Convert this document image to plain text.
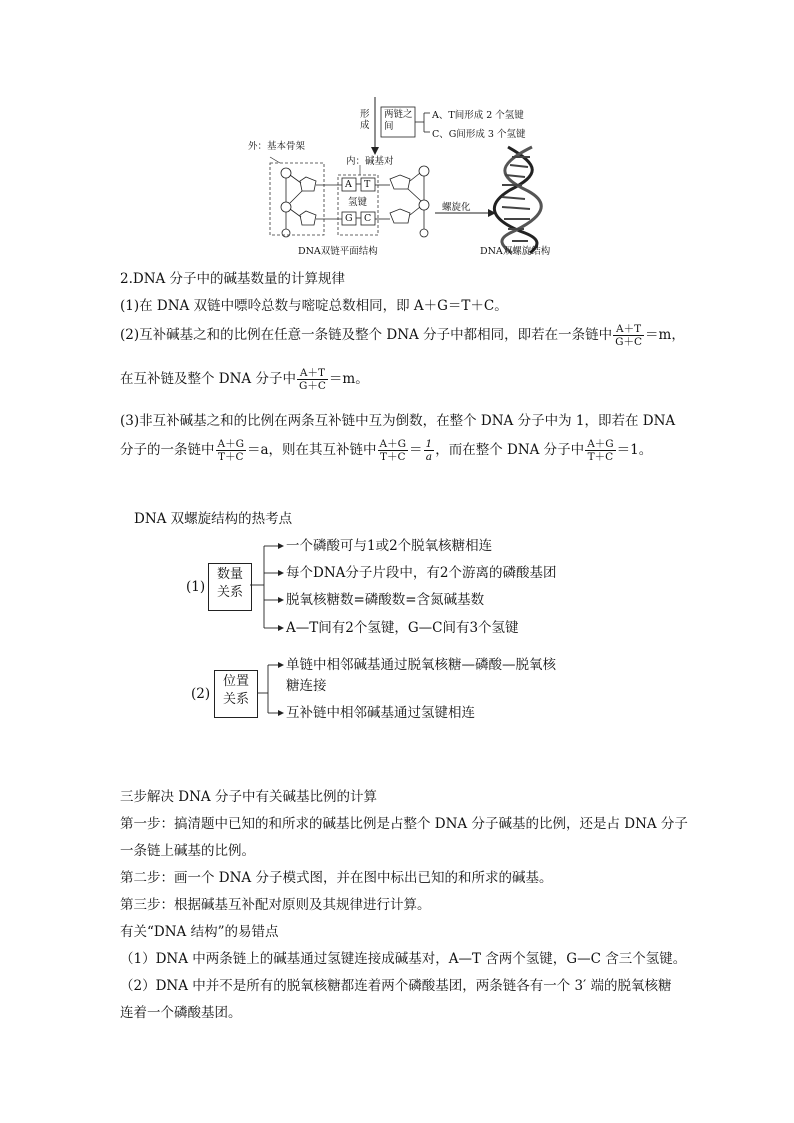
形成
两链之间
A、T间形成 2 个氢键
C、G间形成 3 个氢键
外：基本骨架
内：碱基对
氢键
A T
G C
螺旋化
DNA双链平面结构	DNA双螺旋结构
2.DNA 分子中的碱基数量的计算规律
(1)在 DNA 双链中嘌呤总数与嘧啶总数相同，即 A＋G＝T＋C。
(2)互补碱基之和的比例在任意一条链及整个 DNA 分子中都相同，即若在一条链中 $\frac{A+T}{G+C} =m$，
在互补链及整个 DNA 分子中 $\frac{A+T}{G+C} =m$。
(3)非互补碱基之和的比例在两条互补链中互为倒数，在整个 DNA 分子中为 1，即若在 DNA
分子的一条链中 $\frac{A+G}{T+C} =a$，则在其互补链中 $\frac{A+G}{T+C} = \frac{1}{a}$ ，而在整个 DNA 分子中 $\frac{A+G}{T+C} =1$。
DNA 双螺旋结构的热考点
(1)
数量
关系
一个磷酸可与1或2个脱氧核糖相连
每个DNA分子片段中，有2个游离的磷酸基团
脱氧核糖数=磷酸数=含氮碱基数
A—T间有2个氢键，G—C间有3个氢键
(2)
位置
关系
单链中相邻碱基通过脱氧核糖—磷酸—脱氧核
糖连接
互补链中相邻碱基通过氢键相连
三步解决 DNA 分子中有关碱基比例的计算
第一步：搞清题中已知的和所求的碱基比例是占整个 DNA 分子碱基的比例，还是占 DNA 分子
一条链上碱基的比例。
第二步：画一个 DNA 分子模式图，并在图中标出已知的和所求的碱基。
第三步：根据碱基互补配对原则及其规律进行计算。
有关“DNA 结构”的易错点
（1）DNA 中两条链上的碱基通过氢键连接成碱基对，A—T 含两个氢键，G—C 含三个氢键。
（2）DNA 中并不是所有的脱氧核糖都连着两个磷酸基团，两条链各有一个 3′ 端的脱氧核糖
连着一个磷酸基团。
